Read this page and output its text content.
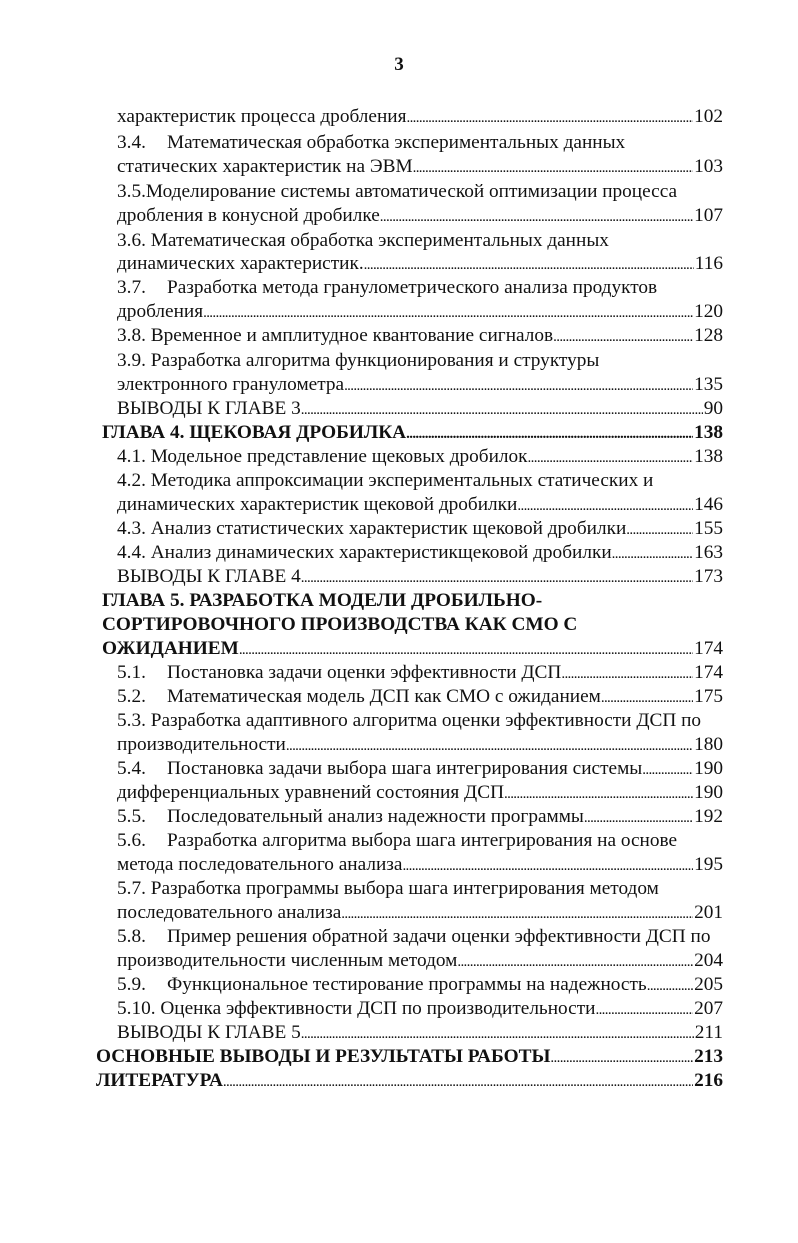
3
характеристик процесса дробления . . .	102
3.4.	Математическая обработка экспериментальных данных
статических характеристик на ЭВМ . . .	103
3.5.Моделирование системы автоматической оптимизации процесса
дробления в конусной дробилке . . .	107
3.6. Математическая обработка экспериментальных данных
динамических характеристик. . . .	116
3.7.	Разработка метода гранулометрического анализа продуктов
дробления . . .	120
3.8. Временное и амплитудное квантование сигналов . . .	128
3.9. Разработка алгоритма функционирования и структуры
электронного гранулометра . . .	135
ВЫВОДЫ К ГЛАВЕ 3 . . .	90
ГЛАВА 4. ЩЕКОВАЯ ДРОБИЛКА . . .	138
4.1. Модельное представление щековых дробилок . . .	138
4.2. Методика аппроксимации экспериментальных статических и
динамических характеристик щековой дробилки . . .	146
4.3. Анализ статистических характеристик щековой дробилки . . .	155
4.4. Анализ динамических характеристикщековой дробилки . . .	163
ВЫВОДЫ К ГЛАВЕ 4 . . .	173
ГЛАВА 5. РАЗРАБОТКА МОДЕЛИ ДРОБИЛЬНО-
СОРТИРОВОЧНОГО ПРОИЗВОДСТВА КАК СМО С
ОЖИДАНИЕМ . . .	174
5.1.	Постановка задачи оценки эффективности ДСП . . .	174
5.2.	Математическая модель ДСП как СМО с ожиданием . . .	175
5.3. Разработка адаптивного алгоритма оценки эффективности ДСП по
производительности . . .	180
5.4.	Постановка задачи выбора шага интегрирования системы . . .	190
дифференциальных уравнений состояния ДСП . . .	190
5.5.	Последовательный анализ надежности программы . . .	192
5.6.	Разработка алгоритма выбора шага интегрирования на основе
метода последовательного анализа . . .	195
5.7. Разработка программы выбора шага интегрирования методом
последовательного анализа . . .	201
5.8.	Пример решения обратной задачи оценки эффективности ДСП по
производительности численным методом . . .	204
5.9.	Функциональное тестирование программы на надежность . . . 205
5.10. Оценка эффективности ДСП по производительности . . .	207
ВЫВОДЫ К ГЛАВЕ 5 . . .	211
ОСНОВНЫЕ ВЫВОДЫ И РЕЗУЛЬТАТЫ РАБОТЫ . . .	213
ЛИТЕРАТУРА . . .	216
